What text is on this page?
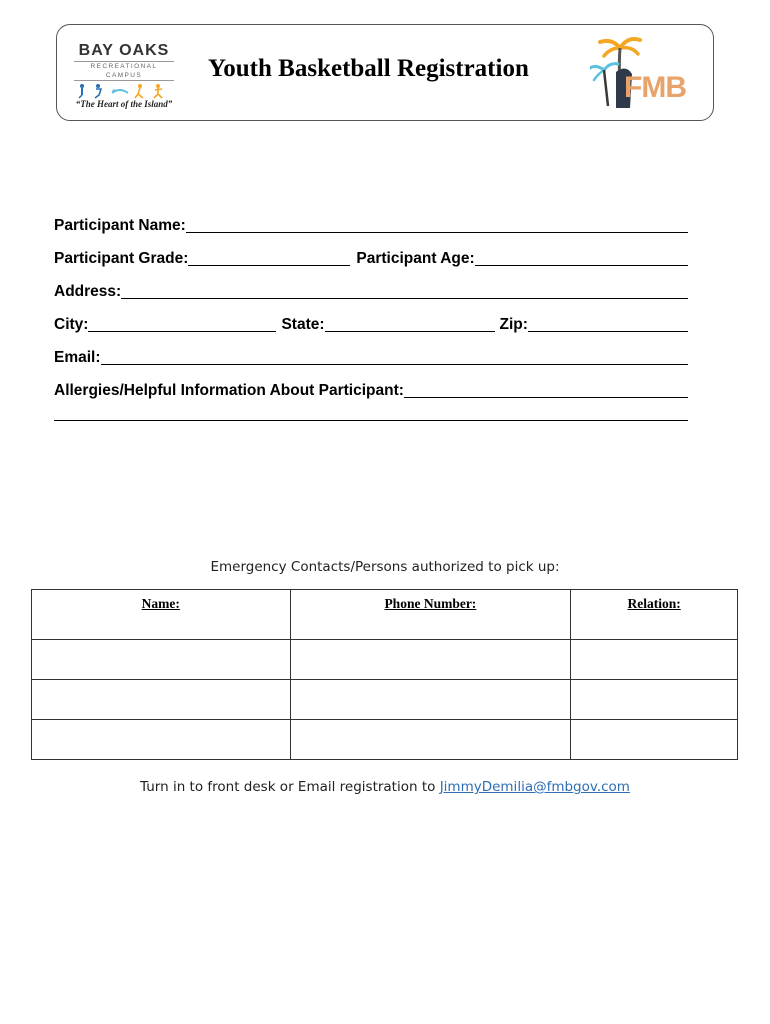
BAY OAKS
RECREATIONAL CAMPUS
“The Heart of the Island”
Youth Basketball Registration
FMB
Participant Name:
Participant Grade:	Participant Age:
Address:
City:	State:	Zip:
Email:
Allergies/Helpful Information About Participant:
Emergency Contacts/Persons authorized to pick up:
Name:	Phone Number:	Relation:

Turn in to front desk or Email registration to JimmyDemilia@fmbgov.com
